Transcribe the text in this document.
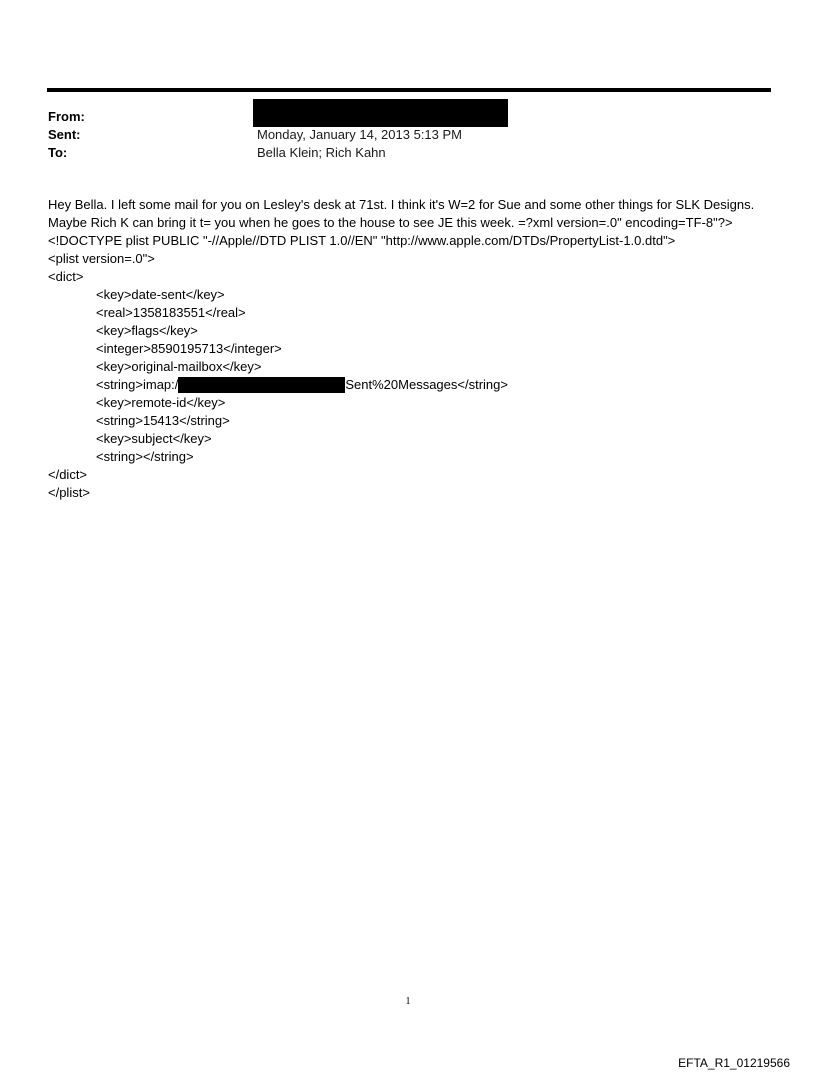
From:
Sent:	Monday, January 14, 2013 5:13 PM
To:	Bella Klein; Rich Kahn
Hey Bella. I left some mail for you on Lesley's desk at 71st. I think it's W=2 for Sue and some other things for SLK Designs.
Maybe Rich K can bring it t= you when he goes to the house to see JE this week. =?xml version=.0" encoding=TF-8"?>
<!DOCTYPE plist PUBLIC "-//Apple//DTD PLIST 1.0//EN" "http://www.apple.com/DTDs/PropertyList-1.0.dtd">
<plist version=.0">
<dict>
<key>date-sent</key>
<real>1358183551</real>
<key>flags</key>
<integer>8590195713</integer>
<key>original-mailbox</key>
<string>imap:/	Sent%20Messages</string>
<key>remote-id</key>
<string>15413</string>
<key>subject</key>
<string></string>
</dict>
</plist>
1
EFTA_R1_01219566
